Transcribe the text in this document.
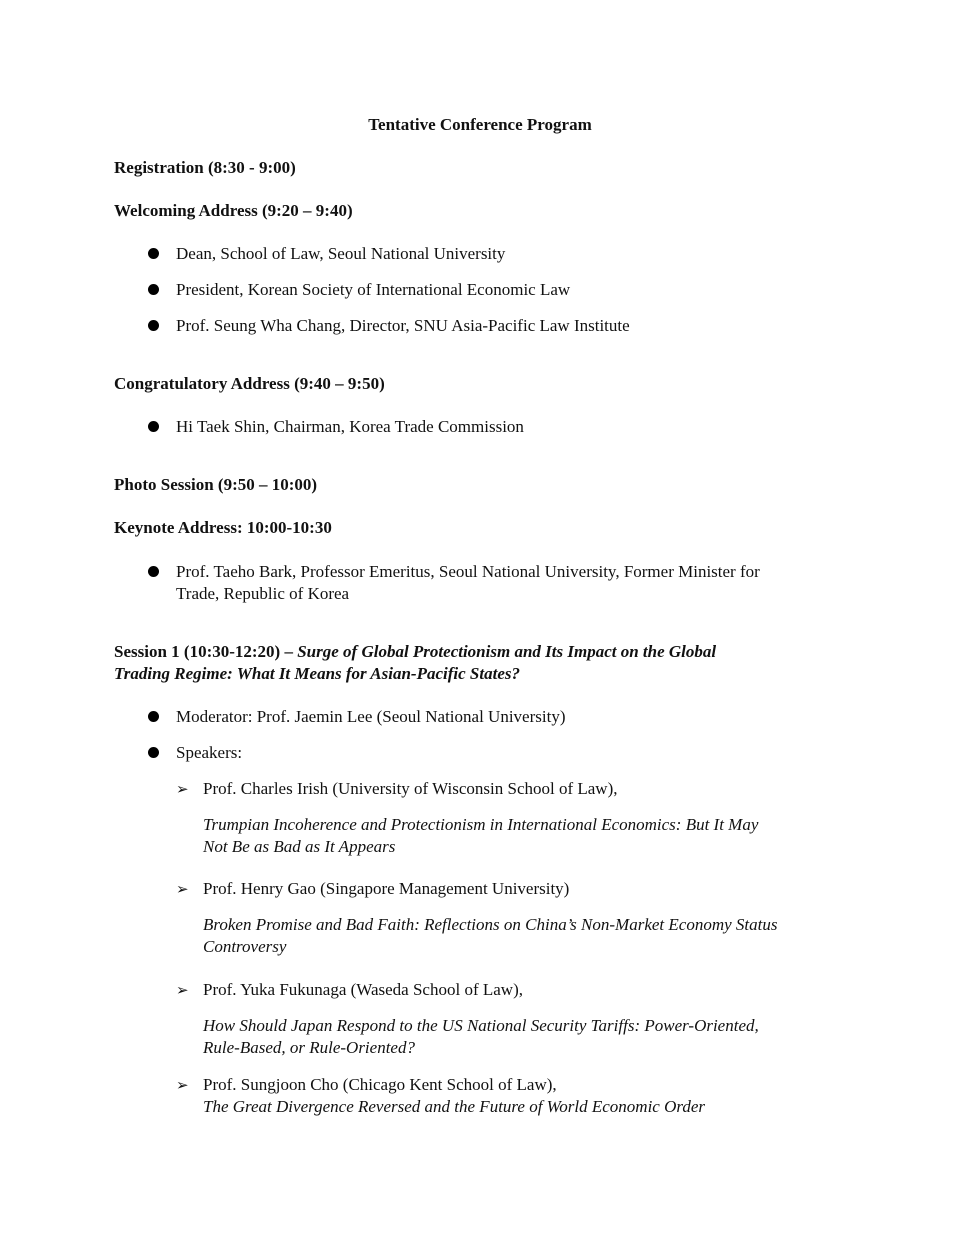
Tentative Conference Program
Registration (8:30 - 9:00)
Welcoming Address (9:20 – 9:40)
Dean, School of Law, Seoul National University
President, Korean Society of International Economic Law
Prof. Seung Wha Chang, Director, SNU Asia-Pacific Law Institute
Congratulatory Address (9:40 – 9:50)
Hi Taek Shin, Chairman, Korea Trade Commission
Photo Session (9:50 – 10:00)
Keynote Address: 10:00-10:30
Prof. Taeho Bark, Professor Emeritus, Seoul National University, Former Minister for
Trade, Republic of Korea
Session 1 (10:30-12:20) – Surge of Global Protectionism and Its Impact on the Global
Trading Regime: What It Means for Asian-Pacific States?
Moderator: Prof. Jaemin Lee (Seoul National University)
Speakers:
➢ Prof. Charles Irish (University of Wisconsin School of Law),
Trumpian Incoherence and Protectionism in International Economics: But It May
Not Be as Bad as It Appears
➢ Prof. Henry Gao (Singapore Management University)
Broken Promise and Bad Faith: Reflections on China’s Non-Market Economy Status
Controversy
➢ Prof. Yuka Fukunaga (Waseda School of Law),
How Should Japan Respond to the US National Security Tariffs: Power-Oriented,
Rule-Based, or Rule-Oriented?
➢ Prof. Sungjoon Cho (Chicago Kent School of Law),
The Great Divergence Reversed and the Future of World Economic Order
